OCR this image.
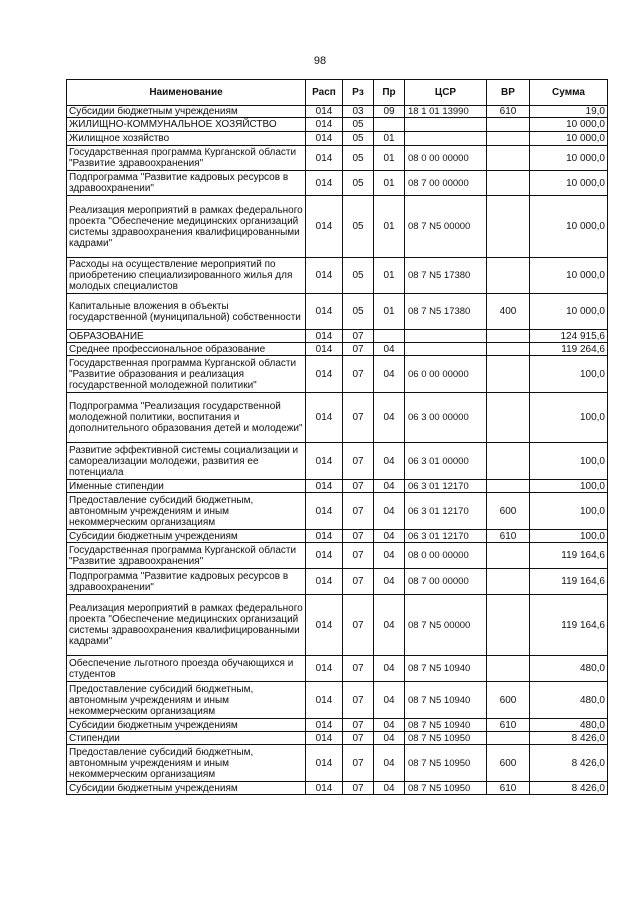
98
Наименование	Расп	Рз	Пр	ЦСР	ВР	Сумма
Субсидии бюджетным учреждениям	014	03	09	18 1 01 13990	610	19,0
ЖИЛИЩНО-КОММУНАЛЬНОЕ ХОЗЯЙСТВО	014	05				10 000,0
Жилищное хозяйство	014	05	01			10 000,0
Государственная программа Курганской области "Развитие здравоохранения"	014	05	01	08 0 00 00000		10 000,0
Подпрограмма "Развитие кадровых ресурсов в здравоохранении"	014	05	01	08 7 00 00000		10 000,0
Реализация мероприятий в рамках федерального проекта "Обеспечение медицинских организаций системы здравоохранения квалифицированными кадрами"	014	05	01	08 7 N5 00000		10 000,0
Расходы на осуществление мероприятий по приобретению специализированного жилья для молодых специалистов	014	05	01	08 7 N5 17380		10 000,0
Капитальные вложения в объекты государственной (муниципальной) собственности	014	05	01	08 7 N5 17380	400	10 000,0
ОБРАЗОВАНИЕ	014	07				124 915,6
Среднее профессиональное образование	014	07	04			119 264,6
Государственная программа Курганской области "Развитие образования и реализация государственной молодежной политики"	014	07	04	06 0 00 00000		100,0
Подпрограмма "Реализация государственной молодежной политики, воспитания и дополнительного образования детей и молодежи"	014	07	04	06 3 00 00000		100,0
Развитие эффективной системы социализации и самореализации молодежи, развития ее потенциала	014	07	04	06 3 01 00000		100,0
Именные стипендии	014	07	04	06 3 01 12170		100,0
Предоставление субсидий бюджетным, автономным учреждениям и иным некоммерческим организациям	014	07	04	06 3 01 12170	600	100,0
Субсидии бюджетным учреждениям	014	07	04	06 3 01 12170	610	100,0
Государственная программа Курганской области "Развитие здравоохранения"	014	07	04	08 0 00 00000		119 164,6
Подпрограмма "Развитие кадровых ресурсов в здравоохранении"	014	07	04	08 7 00 00000		119 164,6
Реализация мероприятий в рамках федерального проекта "Обеспечение медицинских организаций системы здравоохранения квалифицированными кадрами"	014	07	04	08 7 N5 00000		119 164,6
Обеспечение льготного проезда обучающихся и студентов	014	07	04	08 7 N5 10940		480,0
Предоставление субсидий бюджетным, автономным учреждениям и иным некоммерческим организациям	014	07	04	08 7 N5 10940	600	480,0
Субсидии бюджетным учреждениям	014	07	04	08 7 N5 10940	610	480,0
Стипендии	014	07	04	08 7 N5 10950		8 426,0
Предоставление субсидий бюджетным, автономным учреждениям и иным некоммерческим организациям	014	07	04	08 7 N5 10950	600	8 426,0
Субсидии бюджетным учреждениям	014	07	04	08 7 N5 10950	610	8 426,0
